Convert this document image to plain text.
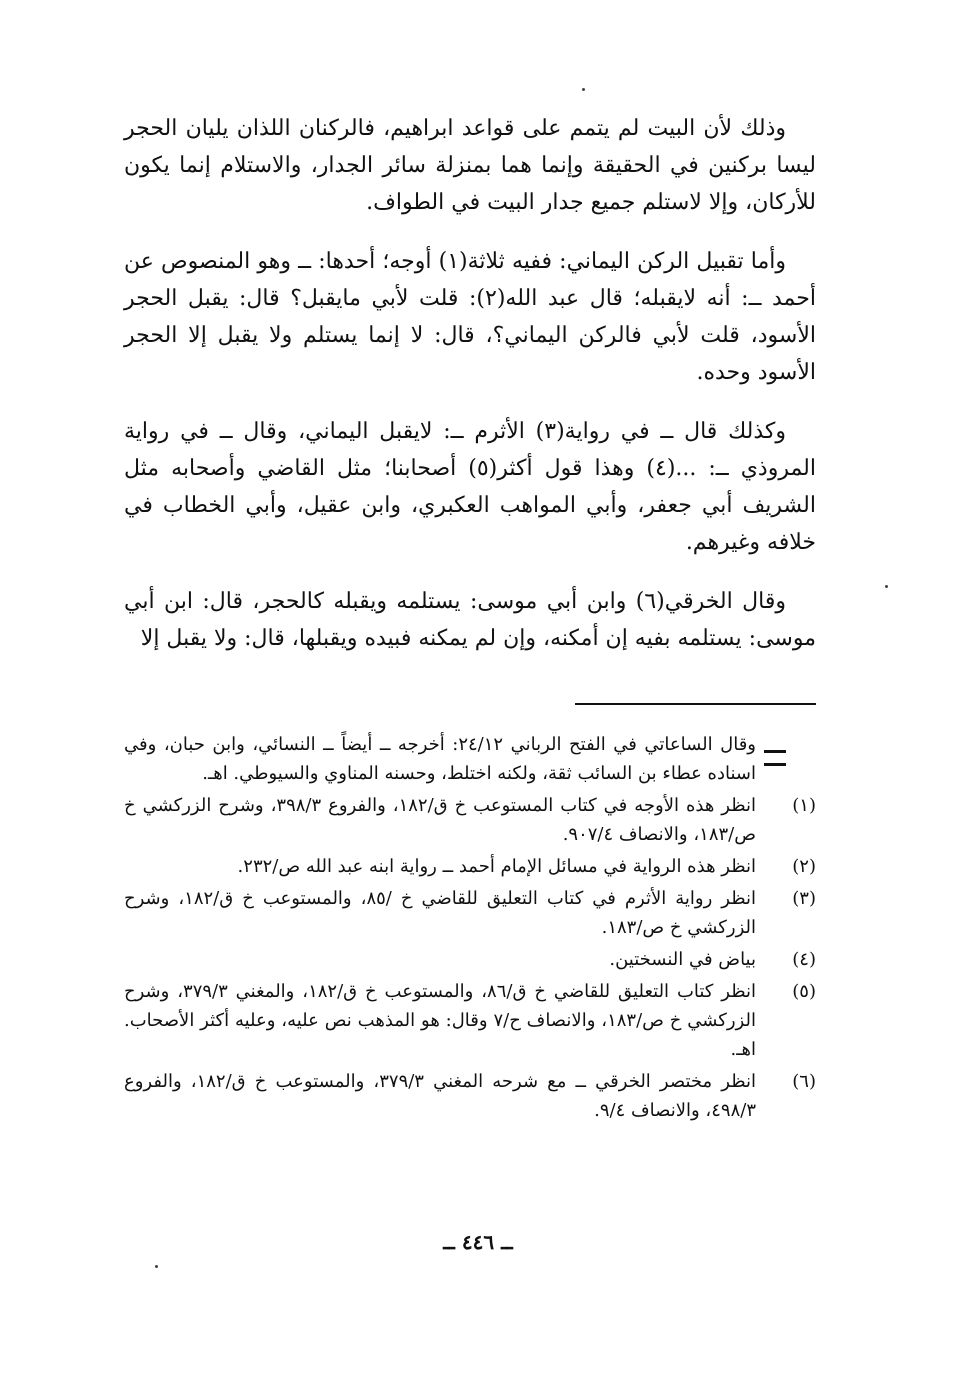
وذلك لأن البيت لم يتمم على قواعد ابراهيم، فالركنان اللذان يليان الحجر ليسا بركنين في الحقيقة وإنما هما بمنزلة سائر الجدار، والاستلام إنما يكون للأركان، وإلا لاستلم جميع جدار البيت في الطواف.

وأما تقبيل الركن اليماني: ففيه ثلاثة(١) أوجه؛ أحدها: ــ وهو المنصوص عن أحمد ــ: أنه لايقبله؛ قال عبد الله(٢): قلت لأبي مايقبل؟ قال: يقبل الحجر الأسود، قلت لأبي فالركن اليماني؟، قال: لا إنما يستلم ولا يقبل إلا الحجر الأسود وحده.

وكذلك قال ــ في رواية(٣) الأثرم ــ: لايقبل اليماني، وقال ــ في رواية المروذي ــ: ...(٤) وهذا قول أكثر(٥) أصحابنا؛ مثل القاضي وأصحابه مثل الشريف أبي جعفر، وأبي المواهب العكبري، وابن عقيل، وأبي الخطاب في خلافه وغيرهم.

وقال الخرقي(٦) وابن أبي موسى: يستلمه ويقبله كالحجر، قال: ابن أبي موسى: يستلمه بفيه إن أمكنه، وإن لم يمكنه فبيده ويقبلها، قال: ولا يقبل إلا

وقال الساعاتي في الفتح الرباني ٢٤/١٢: أخرجه ــ أيضاً ــ النسائي، وابن حبان، وفي اسناده عطاء بن السائب ثقة، ولكنه اختلط، وحسنه المناوي والسيوطي. اهـ.
(١)
انظر هذه الأوجه في كتاب المستوعب خ ق/١٨٢، والفروع ٣٩٨/٣، وشرح الزركشي خ ص/١٨٣، والانصاف ٩٠٧/٤.
(٢)
انظر هذه الرواية في مسائل الإمام أحمد ــ رواية ابنه عبد الله ص/٢٣٢.
(٣)
انظر رواية الأثرم في كتاب التعليق للقاضي خ /٨٥، والمستوعب خ ق/١٨٢، وشرح الزركشي خ ص/١٨٣.
(٤)
بياض في النسختين.
(٥)
انظر كتاب التعليق للقاضي خ ق/٨٦، والمستوعب خ ق/١٨٢، والمغني ٣٧٩/٣، وشرح الزركشي خ ص/١٨٣، والانصاف ح/٧ وقال: هو المذهب نص عليه، وعليه أكثر الأصحاب. اهـ.
(٦)
انظر مختصر الخرقي ــ مع شرحه المغني ٣٧٩/٣، والمستوعب خ ق/١٨٢، والفروع ٤٩٨/٣، والانصاف ٩/٤.
ــ ٤٤٦ ــ
